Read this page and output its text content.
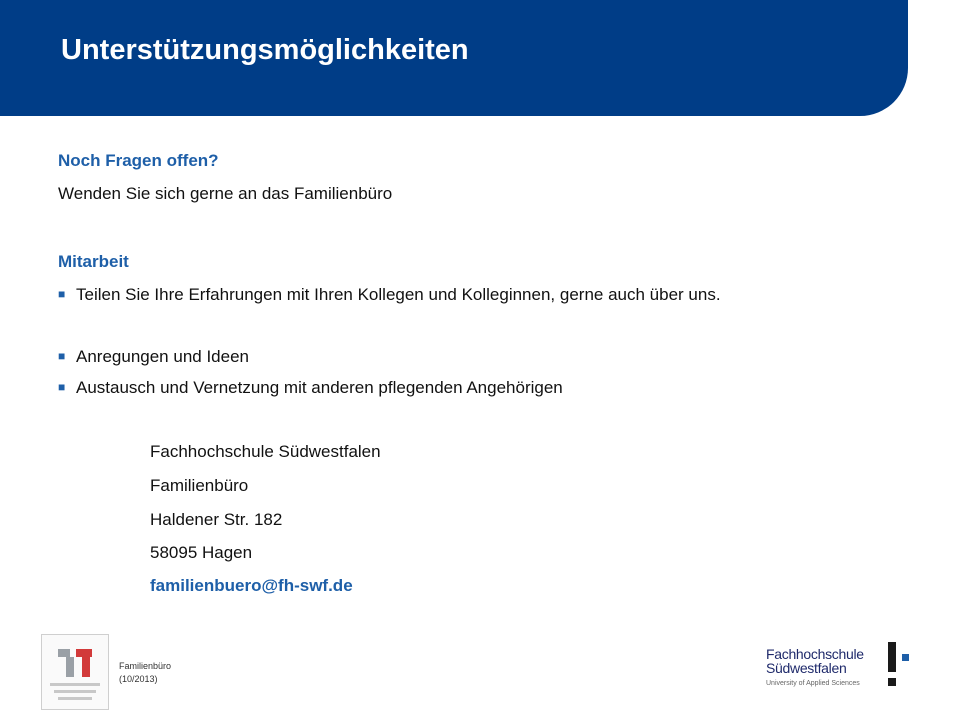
Unterstützungsmöglichkeiten
Noch Fragen offen?
Wenden Sie sich gerne an das Familienbüro
Mitarbeit
■ Teilen Sie Ihre Erfahrungen mit Ihren Kollegen und Kolleginnen, gerne auch über uns.
■ Anregungen und Ideen
■ Austausch und Vernetzung mit anderen pflegenden Angehörigen
Fachhochschule Südwestfalen
Familienbüro
Haldener Str. 182
58095 Hagen
familienbuero@fh-swf.de
Familienbüro
(10/2013)
Fachhochschule
Südwestfalen
University of Applied Sciences
